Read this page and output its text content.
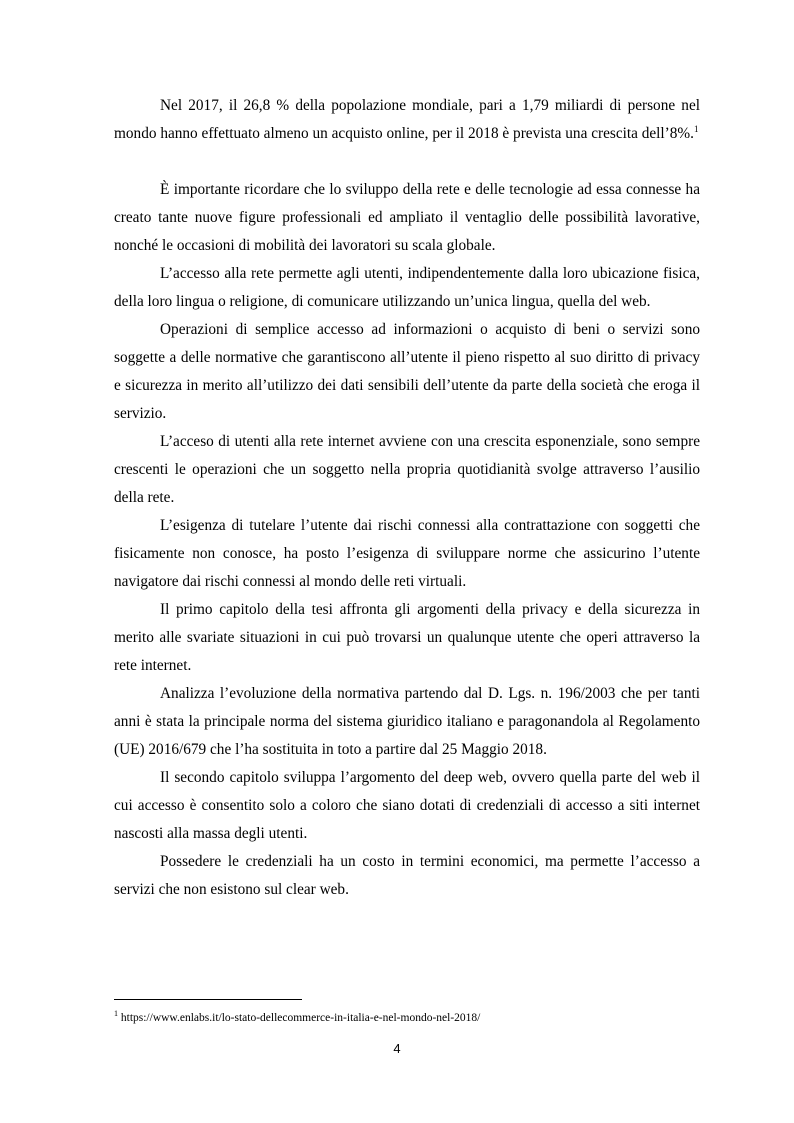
Nel 2017, il 26,8 % della popolazione mondiale, pari a 1,79 miliardi di persone nel mondo hanno effettuato almeno un acquisto online, per il 2018 è prevista una crescita dell’8%.$^1$

È importante ricordare che lo sviluppo della rete e delle tecnologie ad essa connesse ha creato tante nuove figure professionali ed ampliato il ventaglio delle possibilità lavorative, nonché le occasioni di mobilità dei lavoratori su scala globale.

L’accesso alla rete permette agli utenti, indipendentemente dalla loro ubicazione fisica, della loro lingua o religione, di comunicare utilizzando un’unica lingua, quella del web.

Operazioni di semplice accesso ad informazioni o acquisto di beni o servizi sono soggette a delle normative che garantiscono all’utente il pieno rispetto al suo diritto di privacy e sicurezza in merito all’utilizzo dei dati sensibili dell’utente da parte della società che eroga il servizio.

L’acceso di utenti alla rete internet avviene con una crescita esponenziale, sono sempre crescenti le operazioni che un soggetto nella propria quotidianità svolge attraverso l’ausilio della rete.

L’esigenza di tutelare l’utente dai rischi connessi alla contrattazione con soggetti che fisicamente non conosce, ha posto l’esigenza di sviluppare norme che assicurino l’utente navigatore dai rischi connessi al mondo delle reti virtuali.

Il primo capitolo della tesi affronta gli argomenti della privacy e della sicurezza in merito alle svariate situazioni in cui può trovarsi un qualunque utente che operi attraverso la rete internet.

Analizza l’evoluzione della normativa partendo dal D. Lgs. n. 196/2003 che per tanti anni è stata la principale norma del sistema giuridico italiano e paragonandola al Regolamento (UE) 2016/679 che l’ha sostituita in toto a partire dal 25 Maggio 2018.

Il secondo capitolo sviluppa l’argomento del deep web, ovvero quella parte del web il cui accesso è consentito solo a coloro che siano dotati di credenziali di accesso a siti internet nascosti alla massa degli utenti.

Possedere le credenziali ha un costo in termini economici, ma permette l’accesso a servizi che non esistono sul clear web.

$^1$ https://www.enlabs.it/lo-stato-dellecommerce-in-italia-e-nel-mondo-nel-2018/

4
